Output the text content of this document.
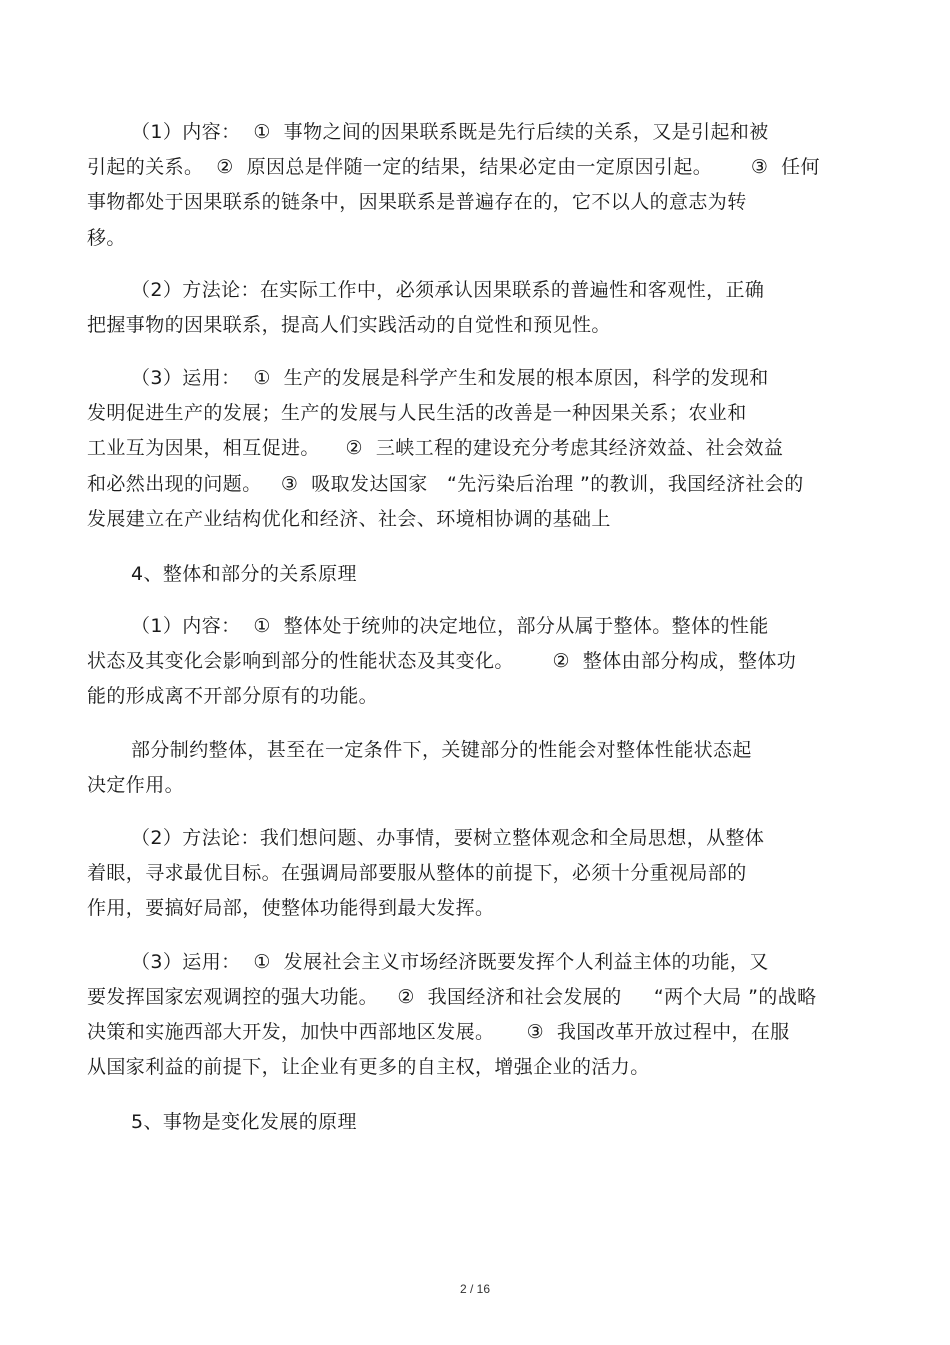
（1）内容：  ①  事物之间的因果联系既是先行后续的关系，又是引起和被
引起的关系。  ②  原因总是伴随一定的结果，结果必定由一定原因引起。      ③  任何
事物都处于因果联系的链条中，因果联系是普遍存在的，它不以人的意志为转
移。
（2）方法论：在实际工作中，必须承认因果联系的普遍性和客观性，正确
把握事物的因果联系，提高人们实践活动的自觉性和预见性。
（3）运用：  ①  生产的发展是科学产生和发展的根本原因，科学的发现和
发明促进生产的发展；生产的发展与人民生活的改善是一种因果关系；农业和
工业互为因果，相互促进。    ②  三峡工程的建设充分考虑其经济效益、社会效益
和必然出现的问题。   ③  吸取发达国家   “先污染后治理 ”的教训，我国经济社会的
发展建立在产业结构优化和经济、社会、环境相协调的基础上
4、整体和部分的关系原理
（1）内容：  ①  整体处于统帅的决定地位，部分从属于整体。整体的性能
状态及其变化会影响到部分的性能状态及其变化。      ②  整体由部分构成，整体功
能的形成离不开部分原有的功能。
部分制约整体，甚至在一定条件下，关键部分的性能会对整体性能状态起
决定作用。
（2）方法论：我们想问题、办事情，要树立整体观念和全局思想，从整体
着眼，寻求最优目标。在强调局部要服从整体的前提下，必须十分重视局部的
作用，要搞好局部，使整体功能得到最大发挥。
（3）运用：  ①  发展社会主义市场经济既要发挥个人利益主体的功能，又
要发挥国家宏观调控的强大功能。   ②  我国经济和社会发展的     “两个大局 ”的战略
决策和实施西部大开发，加快中西部地区发展。     ③  我国改革开放过程中，在服
从国家利益的前提下，让企业有更多的自主权，增强企业的活力。
5、事物是变化发展的原理
2 / 16
